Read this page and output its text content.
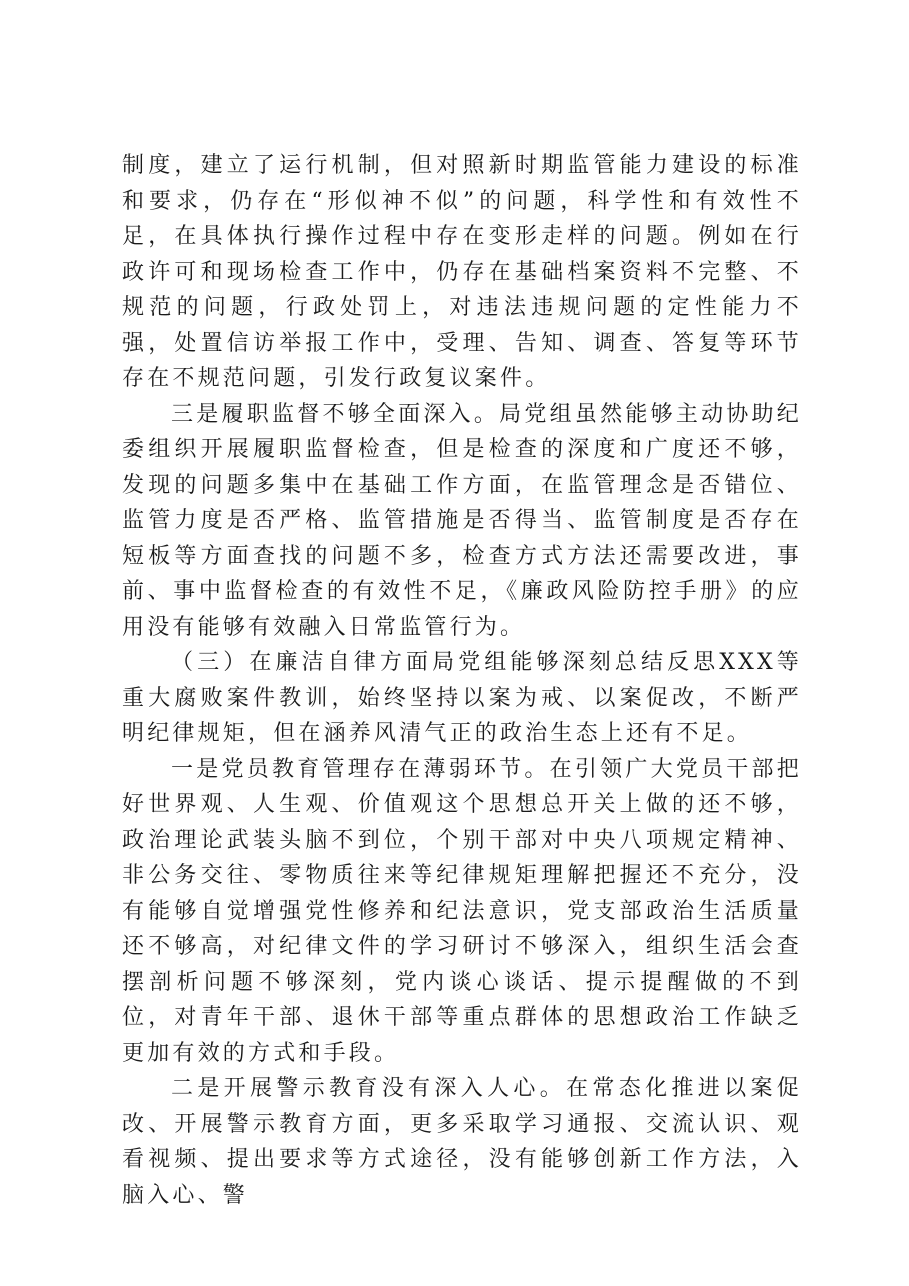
制度，建立了运行机制，但对照新时期监管能力建设的标准和要求，仍存在“形似神不似”的问题，科学性和有效性不足，在具体执行操作过程中存在变形走样的问题。例如在行政许可和现场检查工作中，仍存在基础档案资料不完整、不规范的问题，行政处罚上，对违法违规问题的定性能力不强，处置信访举报工作中，受理、告知、调查、答复等环节存在不规范问题，引发行政复议案件。

三是履职监督不够全面深入。局党组虽然能够主动协助纪委组织开展履职监督检查，但是检查的深度和广度还不够，发现的问题多集中在基础工作方面，在监管理念是否错位、监管力度是否严格、监管措施是否得当、监管制度是否存在短板等方面查找的问题不多，检查方式方法还需要改进，事前、事中监督检查的有效性不足，《廉政风险防控手册》的应用没有能够有效融入日常监管行为。

（三）在廉洁自律方面局党组能够深刻总结反思XXX等重大腐败案件教训，始终坚持以案为戒、以案促改，不断严明纪律规矩，但在涵养风清气正的政治生态上还有不足。

一是党员教育管理存在薄弱环节。在引领广大党员干部把好世界观、人生观、价值观这个思想总开关上做的还不够，政治理论武装头脑不到位，个别干部对中央八项规定精神、非公务交往、零物质往来等纪律规矩理解把握还不充分，没有能够自觉增强党性修养和纪法意识，党支部政治生活质量还不够高，对纪律文件的学习研讨不够深入，组织生活会查摆剖析问题不够深刻，党内谈心谈话、提示提醒做的不到位，对青年干部、退休干部等重点群体的思想政治工作缺乏更加有效的方式和手段。

二是开展警示教育没有深入人心。在常态化推进以案促改、开展警示教育方面，更多采取学习通报、交流认识、观看视频、提出要求等方式途径，没有能够创新工作方法，入脑入心、警
